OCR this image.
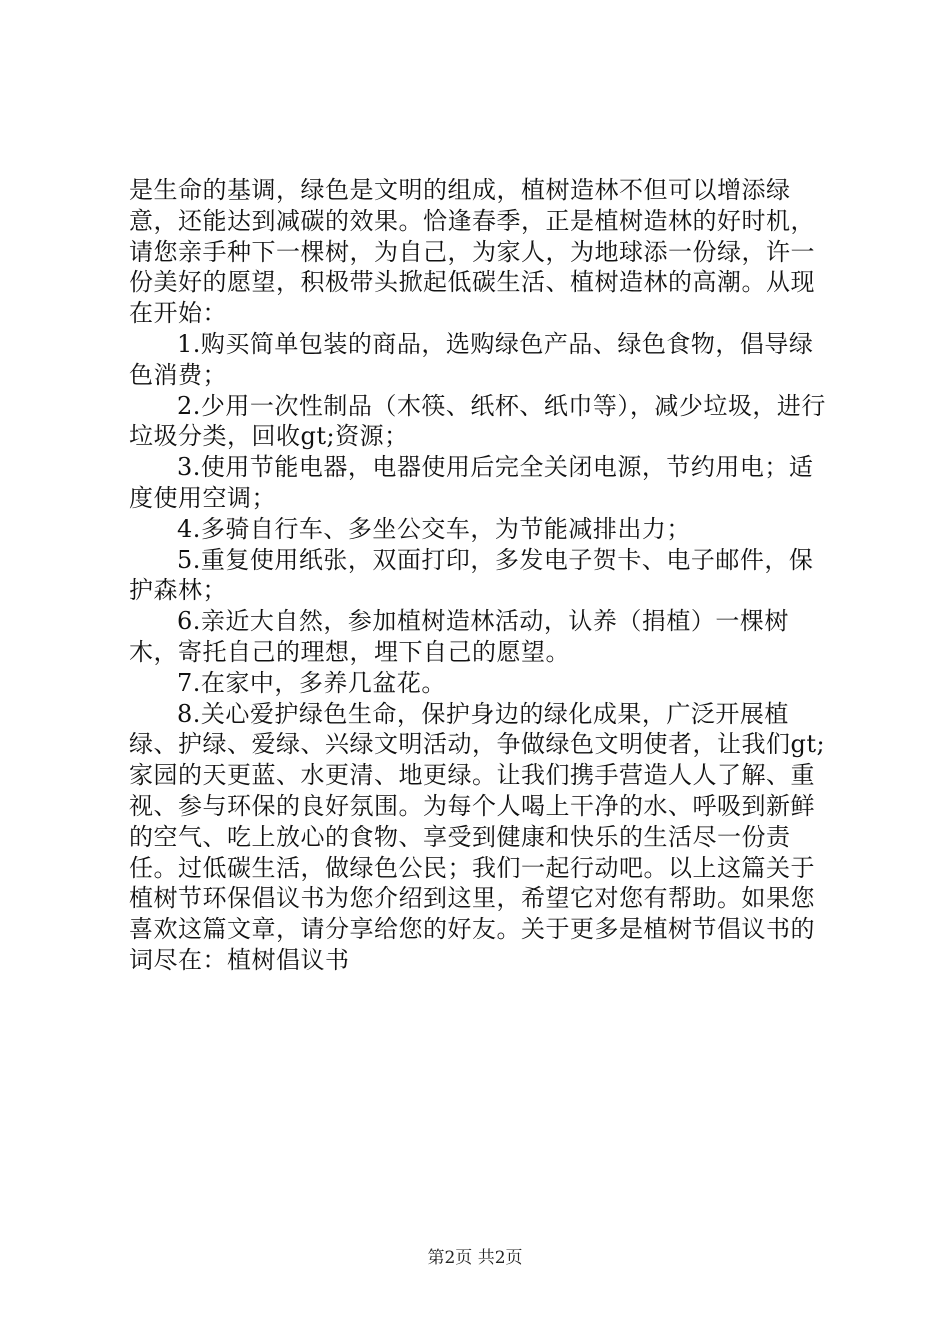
是生命的基调，绿色是文明的组成，植树造林不但可以增添绿意，还能达到减碳的效果。恰逢春季，正是植树造林的好时机，请您亲手种下一棵树，为自己，为家人，为地球添一份绿，许一份美好的愿望，积极带头掀起低碳生活、植树造林的高潮。从现在开始：

1.购买简单包装的商品，选购绿色产品、绿色食物，倡导绿色消费；

2.少用一次性制品（木筷、纸杯、纸巾等），减少垃圾，进行垃圾分类，回收gt;资源；

3.使用节能电器，电器使用后完全关闭电源，节约用电；适度使用空调；

4.多骑自行车、多坐公交车，为节能减排出力；

5.重复使用纸张，双面打印，多发电子贺卡、电子邮件，保护森林；

6.亲近大自然，参加植树造林活动，认养（捐植）一棵树木，寄托自己的理想，埋下自己的愿望。

7.在家中，多养几盆花。

8.关心爱护绿色生命，保护身边的绿化成果，广泛开展植绿、护绿、爱绿、兴绿文明活动，争做绿色文明使者，让我们gt;家园的天更蓝、水更清、地更绿。让我们携手营造人人了解、重视、参与环保的良好氛围。为每个人喝上干净的水、呼吸到新鲜的空气、吃上放心的食物、享受到健康和快乐的生活尽一份责任。过低碳生活，做绿色公民；我们一起行动吧。以上这篇关于植树节环保倡议书为您介绍到这里，希望它对您有帮助。如果您喜欢这篇文章，请分享给您的好友。关于更多是植树节倡议书的词尽在：植树倡议书

第2页 共2页
